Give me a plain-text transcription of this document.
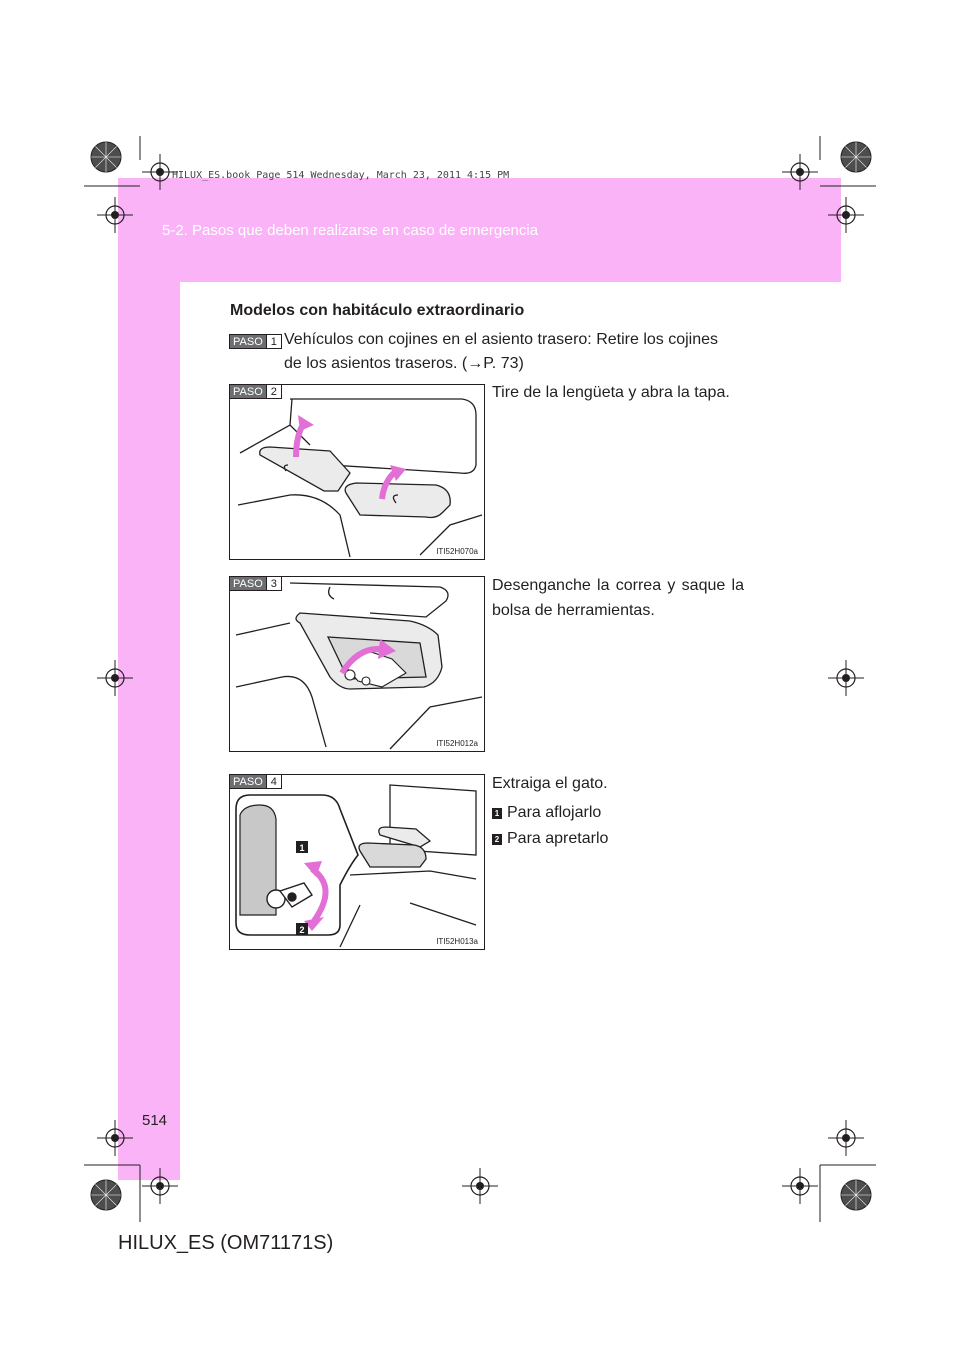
HILUX_ES.book Page 514 Wednesday, March 23, 2011 4:15 PM
5-2. Pasos que deben realizarse en caso de emergencia
Modelos con habitáculo extraordinario
PASO 1 Vehículos con cojines en el asiento trasero: Retire los cojines
de los asientos traseros. (→P. 73)
PASO 2
ITI52H070a
Tire de la lengüeta y abra la tapa.
PASO 3
ITI52H012a
Desenganche la correa y saque la bolsa de herramientas.
1
2
PASO 4
ITI52H013a
Extraiga el gato.
1 Para aflojarlo
2 Para apretarlo
514
HILUX_ES (OM71171S)
